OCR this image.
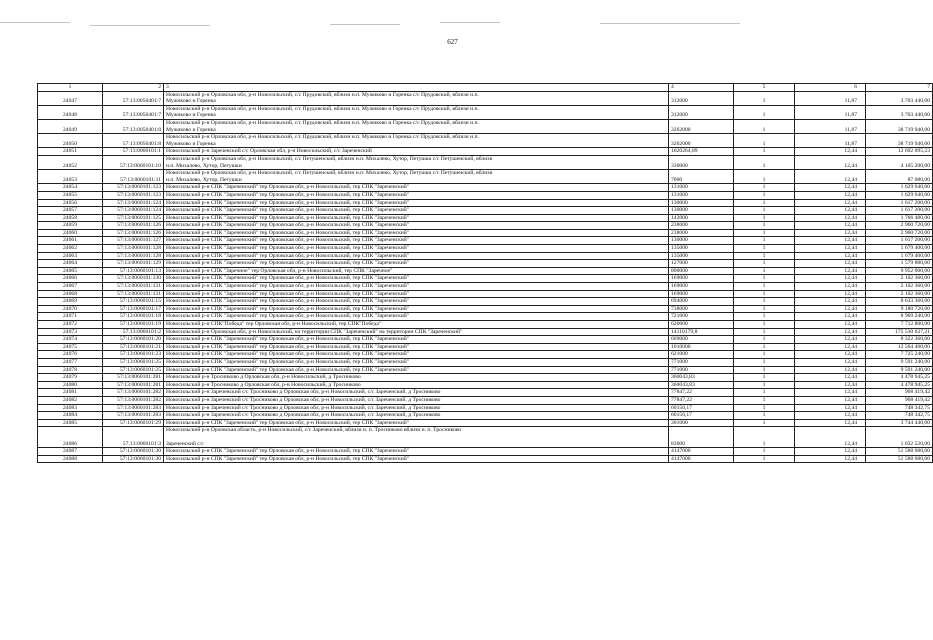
627
1	2	3	4	5	6	7
24047	57:13:0050401:7	Новосильский р-н Орловская обл, р-н Новосильский, с/с Прудовский, вблизи н.п. Мужиково и Горенка с/с Прудовский, вблизи н.п.
Мужиково и Горенка	312000	1	11,87	3 703 440,00
24048	57:13:0050401:7	Новосильский р-н Орловская обл, р-н Новосильский, с/с Прудовский, вблизи н.п. Мужиково и Горенка с/с Прудовский, вблизи н.п.
Мужиково и Горенка	312000	1	11,87	3 703 440,00
24049	57:13:0050401:8	Новосильский р-н Орловская обл, р-н Новосильский, с/с Прудовский, вблизи н.п. Мужиково и Горенка с/с Прудовский, вблизи н.п.
Мужиково и Горенка	3262000	1	11,87	38 719 940,00
24050	57:13:0050401:8	Новосильский р-н Орловская обл, р-н Новосильский, с/с Прудовский, вблизи н.п. Мужиково и Горенка с/с Прудовский, вблизи н.п.
Мужиково и Горенка	3262000	1	11,87	38 719 940,00
24051	57:13:0060101:1	Новосильский р-н Зареченский с/с Орловская обл, р-н Новосильский, с/с Зареченский	1020264,89	1	12,44	12 692 095,23
24052	57:13:0060101:10	Новосильский р-н Орловская обл, р-н Новосильский, с/с Петушенский, вблизи н.п. Михалево, Хутор, Петушки с/с Петушенский, вблизи
н.п. Михалево, Хутор, Петушки	330000	1	12,44	4 105 200,00
24053	57:13:0060101:11	Новосильский р-н Орловская обл, р-н Новосильский, с/с Петушенский, вблизи н.п. Михалево, Хутор, Петушки с/с Петушенский, вблизи
н.п. Михалево, Хутор, Петушки	7000	1	12,44	87 080,00
24054	57:13:0060101:123	Новосильский р-н СПК "Зареченский" тер Орловская обл, р-н Новосильский, тер СПК "Зареченский"	131000	1	12,44	1 629 640,00
24055	57:13:0060101:123	Новосильский р-н СПК "Зареченский" тер Орловская обл, р-н Новосильский, тер СПК "Зареченский"	131000	1	12,44	1 629 640,00
24056	57:13:0060101:124	Новосильский р-н СПК "Зареченский" тер Орловская обл, р-н Новосильский, тер СПК "Зареченский"	130000	1	12,44	1 617 200,00
24057	57:13:0060101:124	Новосильский р-н СПК "Зареченский" тер Орловская обл, р-н Новосильский, тер СПК "Зареченский"	130000	1	12,44	1 617 200,00
24058	57:13:0060101:125	Новосильский р-н СПК "Зареченский" тер Орловская обл, р-н Новосильский, тер СПК "Зареченский"	142000	1	12,44	1 766 480,00
24059	57:13:0060101:126	Новосильский р-н СПК "Зареченский" тер Орловская обл, р-н Новосильский, тер СПК "Зареченский"	238000	1	12,44	2 960 720,00
24060	57:13:0060101:126	Новосильский р-н СПК "Зареченский" тер Орловская обл, р-н Новосильский, тер СПК "Зареченский"	238000	1	12,44	2 960 720,00
24061	57:13:0060101:127	Новосильский р-н СПК "Зареченский" тер Орловская обл, р-н Новосильский, тер СПК "Зареченский"	130000	1	12,44	1 617 200,00
24062	57:13:0060101:128	Новосильский р-н СПК "Зареченский" тер Орловская обл, р-н Новосильский, тер СПК "Зареченский"	135000	1	12,44	1 679 400,00
24063	57:13:0060101:128	Новосильский р-н СПК "Зареченский" тер Орловская обл, р-н Новосильский, тер СПК "Зареченский"	135000	1	12,44	1 679 400,00
24064	57:13:0060101:129	Новосильский р-н СПК "Зареченский" тер Орловская обл, р-н Новосильский, тер СПК "Зареченский"	127000	1	12,44	1 579 880,00
24065	57:13:0060101:13	Новосильский р-н СПК "Заречное" тер Орловская обл, р-н Новосильский, тер СПК "Заречное"	800000	1	12,44	9 952 000,00
24066	57:13:0060101:130	Новосильский р-н СПК "Зареченский" тер Орловская обл, р-н Новосильский, тер СПК "Зареченский"	169000	1	12,44	2 102 360,00
24067	57:13:0060101:131	Новосильский р-н СПК "Зареченский" тер Орловская обл, р-н Новосильский, тер СПК "Зареченский"	169000	1	12,44	2 102 360,00
24068	57:13:0060101:131	Новосильский р-н СПК "Зареченский" тер Орловская обл, р-н Новосильский, тер СПК "Зареченский"	169000	1	12,44	2 102 360,00
24069	57:13:0060101:15	Новосильский р-н СПК "Зареченский" тер Орловская обл, р-н Новосильский, тер СПК "Зареченский"	694000	1	12,44	8 633 360,00
24070	57:13:0060101:17	Новосильский р-н СПК "Зареченский" тер Орловская обл, р-н Новосильский, тер СПК "Зареченский"	738000	1	12,44	9 180 720,00
24071	57:13:0060101:18	Новосильский р-н СПК "Зареченский" тер Орловская обл, р-н Новосильский, тер СПК "Зареченский"	721000	1	12,44	8 969 240,00
24072	57:13:0060101:19	Новосильский р-н СПК"Победа" тер Орловская обл, р-н Новосильский, тер СПК"Победа"	620000	1	12,44	7 712 800,00
24073	57:13:0060101:2	Новосильский р-н Орловская обл, р-н Новосильский, на территории СПК "Зареченский" на территории СПК "Зареченский"	14110179,8	1	12,44	175 530 637,21
24074	57:13:0060101:20	Новосильский р-н СПК "Зареченский" тер Орловская обл, р-н Новосильский, тер СПК "Зареченский"	669000	1	12,44	8 322 360,00
24075	57:13:0060101:21	Новосильский р-н СПК "Зареченский" тер Орловская обл, р-н Новосильский, тер СПК "Зареченский"	1010000	1	12,44	12 564 400,00
24076	57:13:0060101:23	Новосильский р-н СПК "Зареченский" тер Орловская обл, р-н Новосильский, тер СПК "Зареченский"	621000	1	12,44	7 725 240,00
24077	57:13:0060101:25	Новосильский р-н СПК "Зареченский" тер Орловская обл, р-н Новосильский, тер СПК "Зареченский"	771000	1	12,44	9 591 240,00
24078	57:13:0060101:25	Новосильский р-н СПК "Зареченский" тер Орловская обл, р-н Новосильский, тер СПК "Зареченский"	771000	1	12,44	9 591 240,00
24079	57:13:0060101:281	Новосильский р-н Тросниково д Орловская обл, р-н Новосильский, д Тросниково	360043,83	1	12,44	4 478 945,25
24080	57:13:0060101:281	Новосильский р-н Тросниково д Орловская обл, р-н Новосильский, д Тросниково	360043,83	1	12,44	4 478 945,25
24081	57:13:0060101:282	Новосильский р-н Зареченский с/с Тросниково д Орловская обл, р-н Новосильский, с/с Зареченский, д Тросниково	77847,22	1	12,44	968 419,42
24082	57:13:0060101:282	Новосильский р-н Зареченский с/с Тросниково д Орловская обл, р-н Новосильский, с/с Зареченский, д Тросниково	77847,22	1	12,44	968 419,42
24083	57:13:0060101:283	Новосильский р-н Зареченский с/с Тросниково д Орловская обл, р-н Новосильский, с/с Зареченский, д Тросниково	60156,17	1	12,44	748 342,75
24084	57:13:0060101:283	Новосильский р-н Зареченский с/с Тросниково д Орловская обл, р-н Новосильский, с/с Зареченский, д Тросниково	60156,17	1	12,44	748 342,75
24085	57:13:0060101:29	Новосильский р-н СПК "Зареченский" тер Орловская обл, р-н Новосильский, тер СПК "Зареченский"	301000	1	12,44	3 744 440,00
24086	57:13:0060101:3	Новосильский р-н Орловская область, р-н Новосильский, с/с Зареченский, вблизи н. п. Тросниково вблизи н. п. Тросниково

Зареченский с/с	83000	1	12,44	1 032 520,00
24087	57:13:0060101:30	Новосильский р-н СПК "Зареченский" тер Орловская обл, р-н Новосильский, тер СПК "Зареченский"	4147000	1	12,44	51 588 680,00
24088	57:13:0060101:30	Новосильский р-н СПК "Зареченский" тер Орловская обл, р-н Новосильский, тер СПК "Зареченский"	4147000	1	12,44	51 588 680,00
